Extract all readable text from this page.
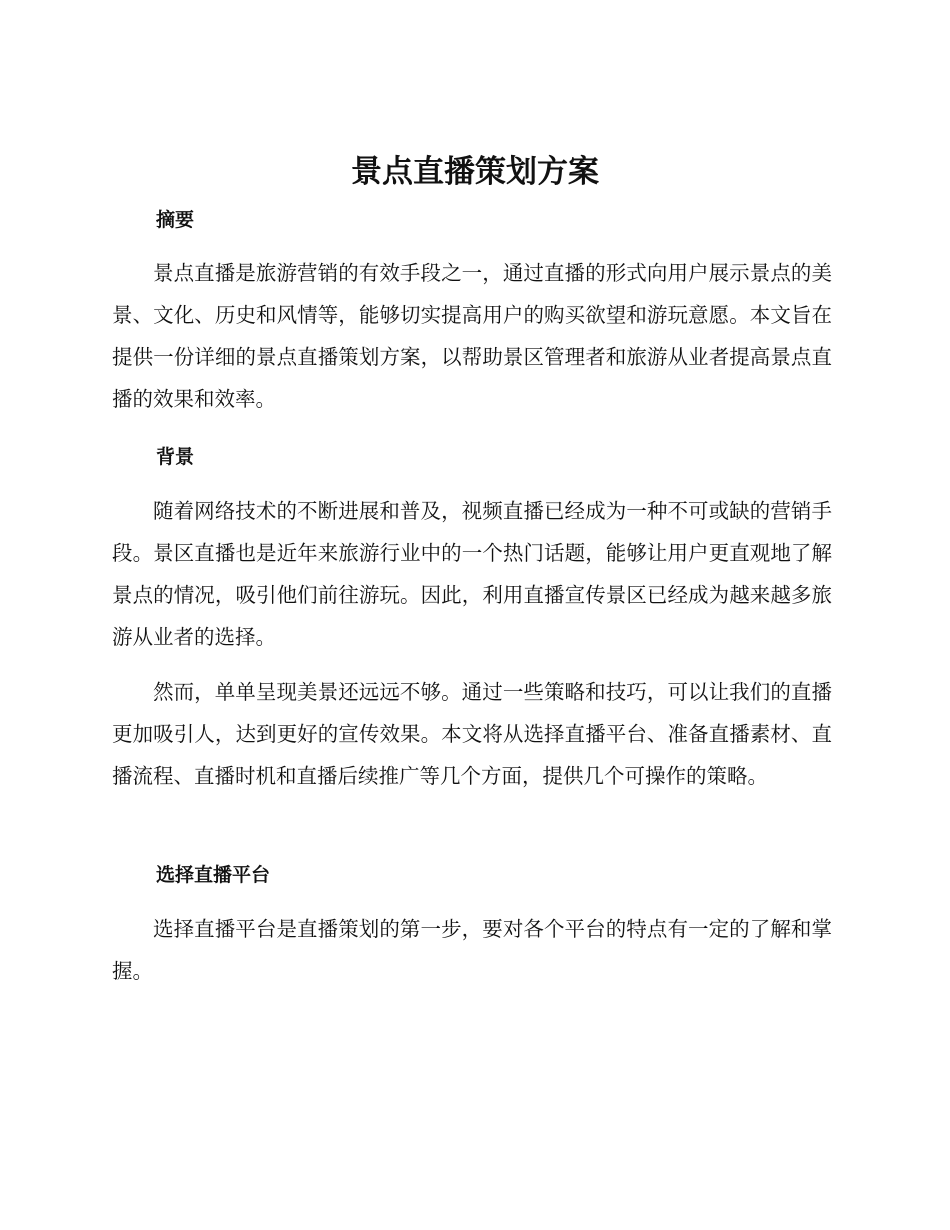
景点直播策划方案
摘要

景点直播是旅游营销的有效手段之一，通过直播的形式向用户展示景点的美景、文化、历史和风情等，能够切实提高用户的购买欲望和游玩意愿。本文旨在提供一份详细的景点直播策划方案，以帮助景区管理者和旅游从业者提高景点直播的效果和效率。

背景

随着网络技术的不断进展和普及，视频直播已经成为一种不可或缺的营销手段。景区直播也是近年来旅游行业中的一个热门话题，能够让用户更直观地了解景点的情况，吸引他们前往游玩。因此，利用直播宣传景区已经成为越来越多旅游从业者的选择。

然而，单单呈现美景还远远不够。通过一些策略和技巧，可以让我们的直播更加吸引人，达到更好的宣传效果。本文将从选择直播平台、准备直播素材、直播流程、直播时机和直播后续推广等几个方面，提供几个可操作的策略。

选择直播平台

选择直播平台是直播策划的第一步，要对各个平台的特点有一定的了解和掌握。
